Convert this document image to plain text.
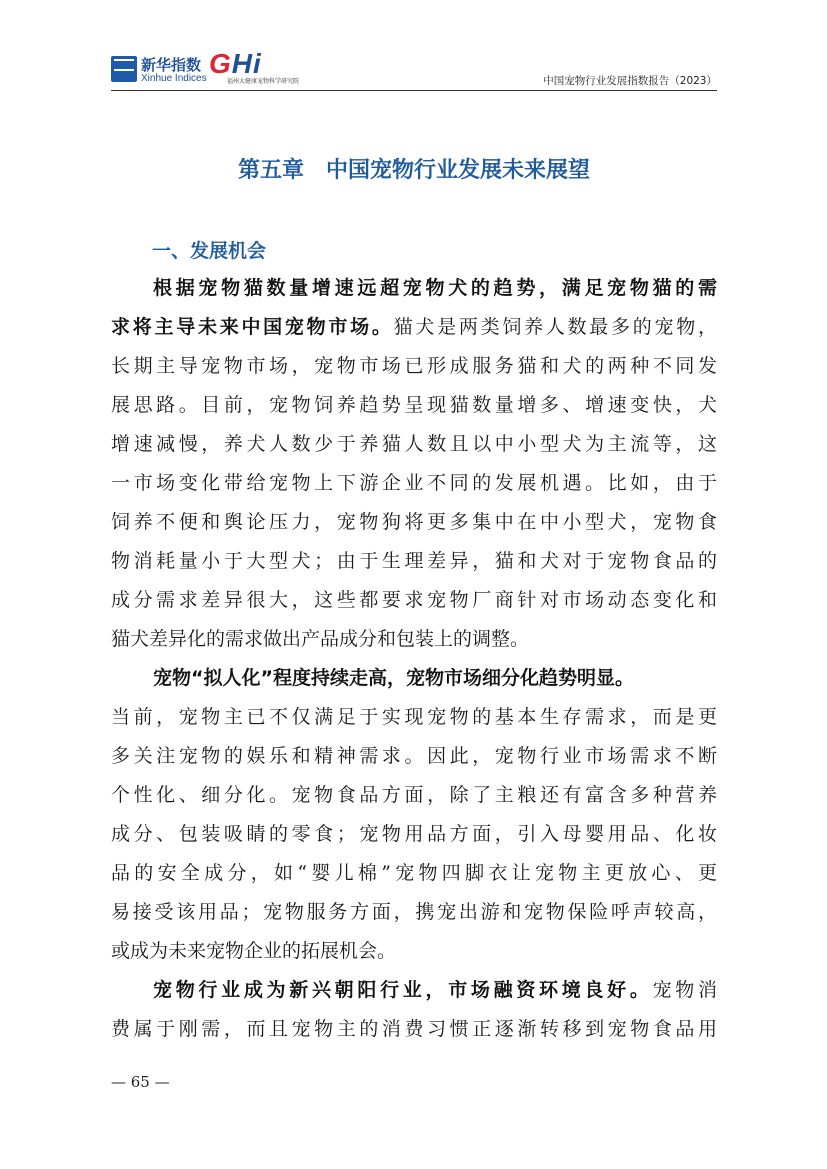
新华指数
Xinhue Indices GHi
福州大健康宠物科学研究院	中国宠物行业发展指数报告（2023）
第五章　中国宠物行业发展未来展望
一、发展机会
根据宠物猫数量增速远超宠物犬的趋势，满足宠物猫的需
求将主导未来中国宠物市场。猫犬是两类饲养人数最多的宠物，
长期主导宠物市场，宠物市场已形成服务猫和犬的两种不同发
展思路。目前，宠物饲养趋势呈现猫数量增多、增速变快，犬
增速减慢，养犬人数少于养猫人数且以中小型犬为主流等，这
一市场变化带给宠物上下游企业不同的发展机遇。比如，由于
饲养不便和舆论压力，宠物狗将更多集中在中小型犬，宠物食
物消耗量小于大型犬；由于生理差异，猫和犬对于宠物食品的
成分需求差异很大，这些都要求宠物厂商针对市场动态变化和
猫犬差异化的需求做出产品成分和包装上的调整。
宠物“拟人化”程度持续走高，宠物市场细分化趋势明显。
当前，宠物主已不仅满足于实现宠物的基本生存需求，而是更
多关注宠物的娱乐和精神需求。因此，宠物行业市场需求不断
个性化、细分化。宠物食品方面，除了主粮还有富含多种营养
成分、包装吸睛的零食；宠物用品方面，引入母婴用品、化妆
品的安全成分，如“婴儿棉”宠物四脚衣让宠物主更放心、更
易接受该用品；宠物服务方面，携宠出游和宠物保险呼声较高，
或成为未来宠物企业的拓展机会。
宠物行业成为新兴朝阳行业，市场融资环境良好。宠物消
费属于刚需，而且宠物主的消费习惯正逐渐转移到宠物食品用
— 65 —
